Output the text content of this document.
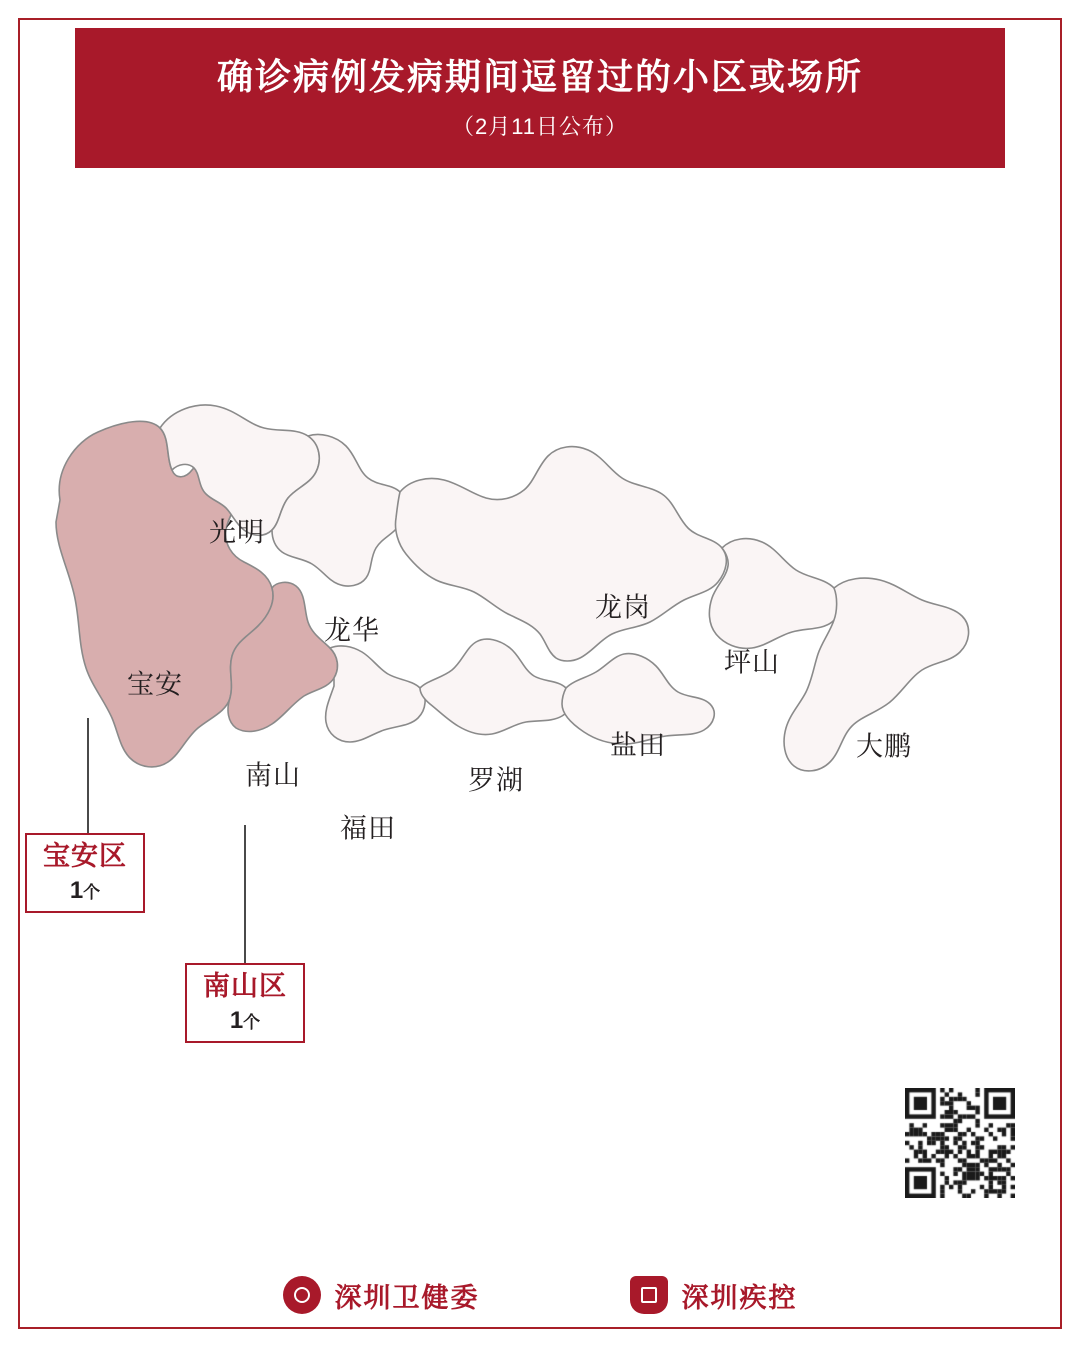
确诊病例发病期间逗留过的小区或场所
（2月11日公布）
光明
龙华
宝安
南山
福田
罗湖
盐田
龙岗
坪山
大鹏
宝安区
1个
南山区
1个
深圳卫健委	深圳疾控
